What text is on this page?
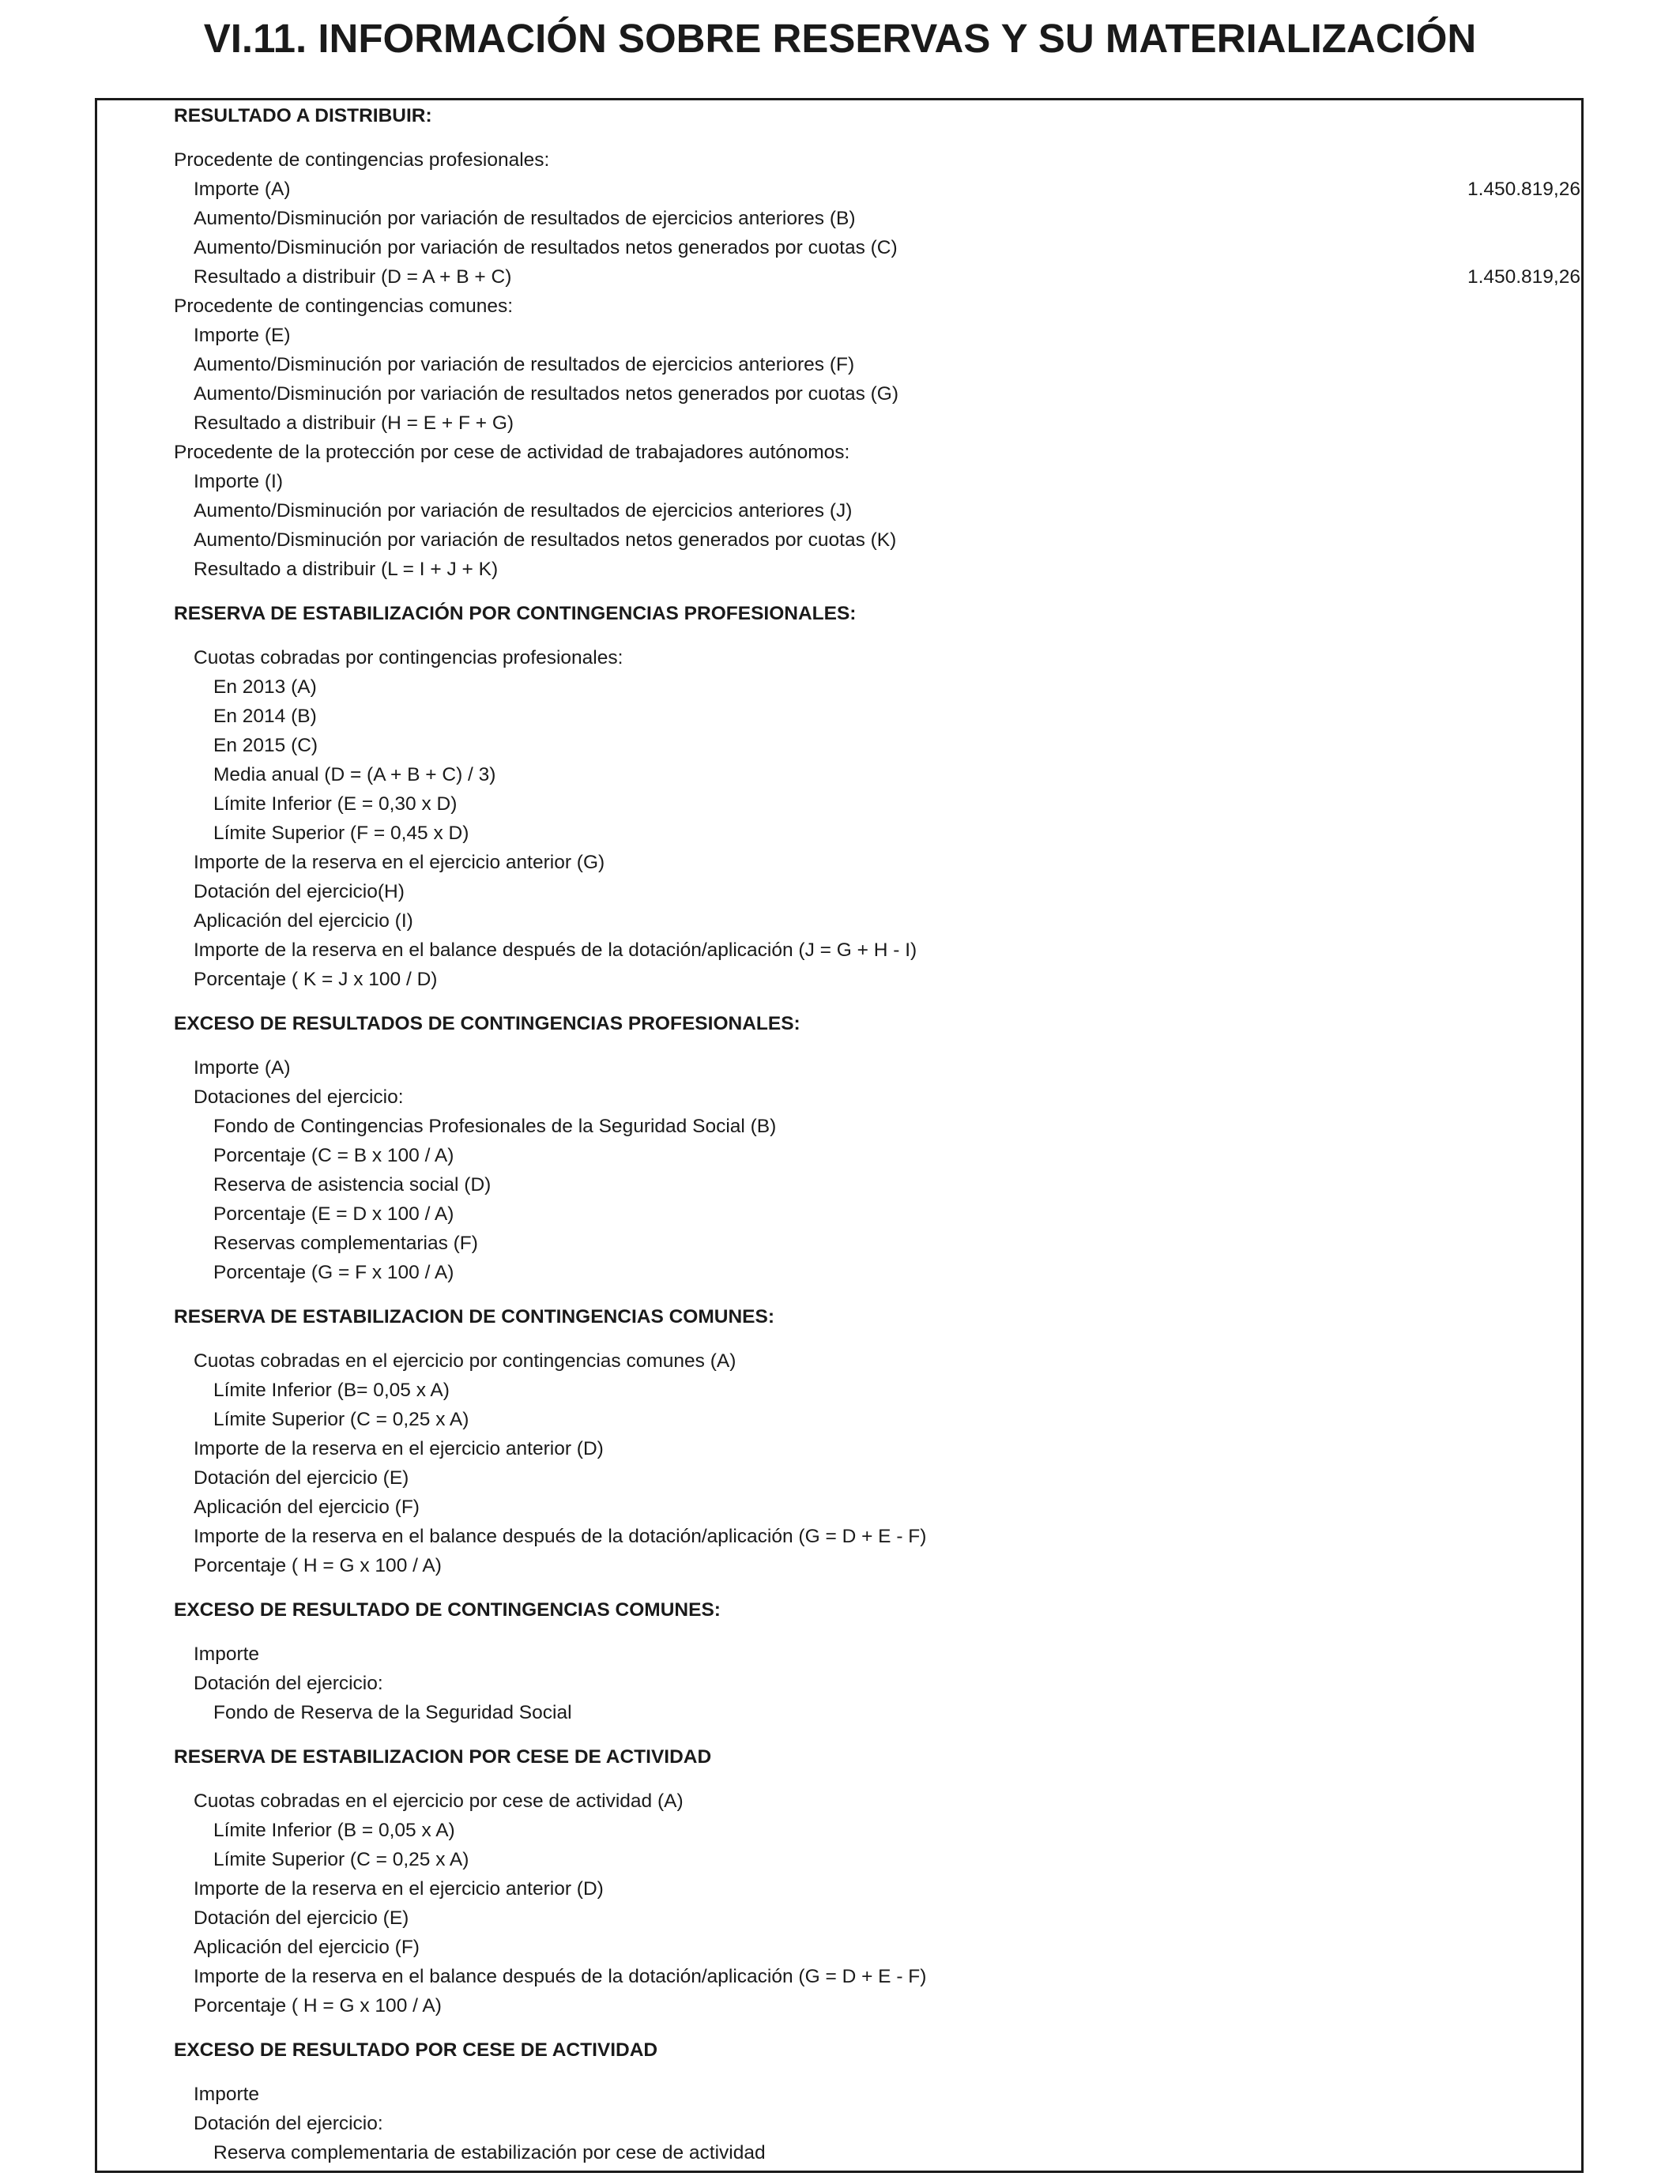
VI.11. INFORMACIÓN SOBRE RESERVAS Y SU MATERIALIZACIÓN
RESULTADO A DISTRIBUIR:
Procedente de contingencias profesionales:
Importe (A)	1.450.819,26
Aumento/Disminución por variación de resultados de ejercicios anteriores (B)
Aumento/Disminución por variación de resultados netos generados por cuotas (C)
Resultado a distribuir (D = A + B + C)	1.450.819,26
Procedente de contingencias comunes:
Importe (E)
Aumento/Disminución por variación de resultados de ejercicios anteriores (F)
Aumento/Disminución por variación de resultados netos generados por cuotas (G)
Resultado a distribuir (H = E + F + G)
Procedente de la protección por cese de actividad de trabajadores autónomos:
Importe (I)
Aumento/Disminución por variación de resultados de ejercicios anteriores (J)
Aumento/Disminución por variación de resultados netos generados por cuotas (K)
Resultado a distribuir (L = I + J + K)
RESERVA DE ESTABILIZACIÓN POR CONTINGENCIAS PROFESIONALES:
Cuotas cobradas por contingencias profesionales:
En 2013 (A)
En 2014 (B)
En 2015 (C)
Media anual (D = (A + B + C) / 3)
Límite Inferior (E = 0,30 x D)
Límite Superior (F = 0,45 x D)
Importe de la reserva en el ejercicio anterior (G)
Dotación del ejercicio(H)
Aplicación del ejercicio (I)
Importe de la reserva en el balance después de la dotación/aplicación (J = G + H - I)
Porcentaje ( K = J x 100 / D)
EXCESO DE RESULTADOS DE CONTINGENCIAS PROFESIONALES:
Importe (A)
Dotaciones del ejercicio:
Fondo de Contingencias Profesionales de la Seguridad Social (B)
Porcentaje (C = B x 100 / A)
Reserva de asistencia social (D)
Porcentaje (E = D x 100 / A)
Reservas complementarias (F)
Porcentaje (G = F x 100 / A)
RESERVA DE ESTABILIZACION DE CONTINGENCIAS COMUNES:
Cuotas cobradas en el ejercicio por contingencias comunes (A)
Límite Inferior (B= 0,05 x A)
Límite Superior (C = 0,25 x A)
Importe de la reserva en el ejercicio anterior (D)
Dotación del ejercicio (E)
Aplicación del ejercicio (F)
Importe de la reserva en el balance después de la dotación/aplicación (G = D + E - F)
Porcentaje ( H = G x 100 / A)
EXCESO DE RESULTADO DE CONTINGENCIAS COMUNES:
Importe
Dotación del ejercicio:
Fondo de Reserva de la Seguridad Social
RESERVA DE ESTABILIZACION POR CESE DE ACTIVIDAD
Cuotas cobradas en el ejercicio por cese de actividad (A)
Límite Inferior (B = 0,05 x A)
Límite Superior (C = 0,25 x A)
Importe de la reserva en el ejercicio anterior (D)
Dotación del ejercicio (E)
Aplicación del ejercicio (F)
Importe de la reserva en el balance después de la dotación/aplicación (G = D + E - F)
Porcentaje ( H = G x 100 / A)
EXCESO DE RESULTADO POR CESE DE ACTIVIDAD
Importe
Dotación del ejercicio:
Reserva complementaria de estabilización por cese de actividad
